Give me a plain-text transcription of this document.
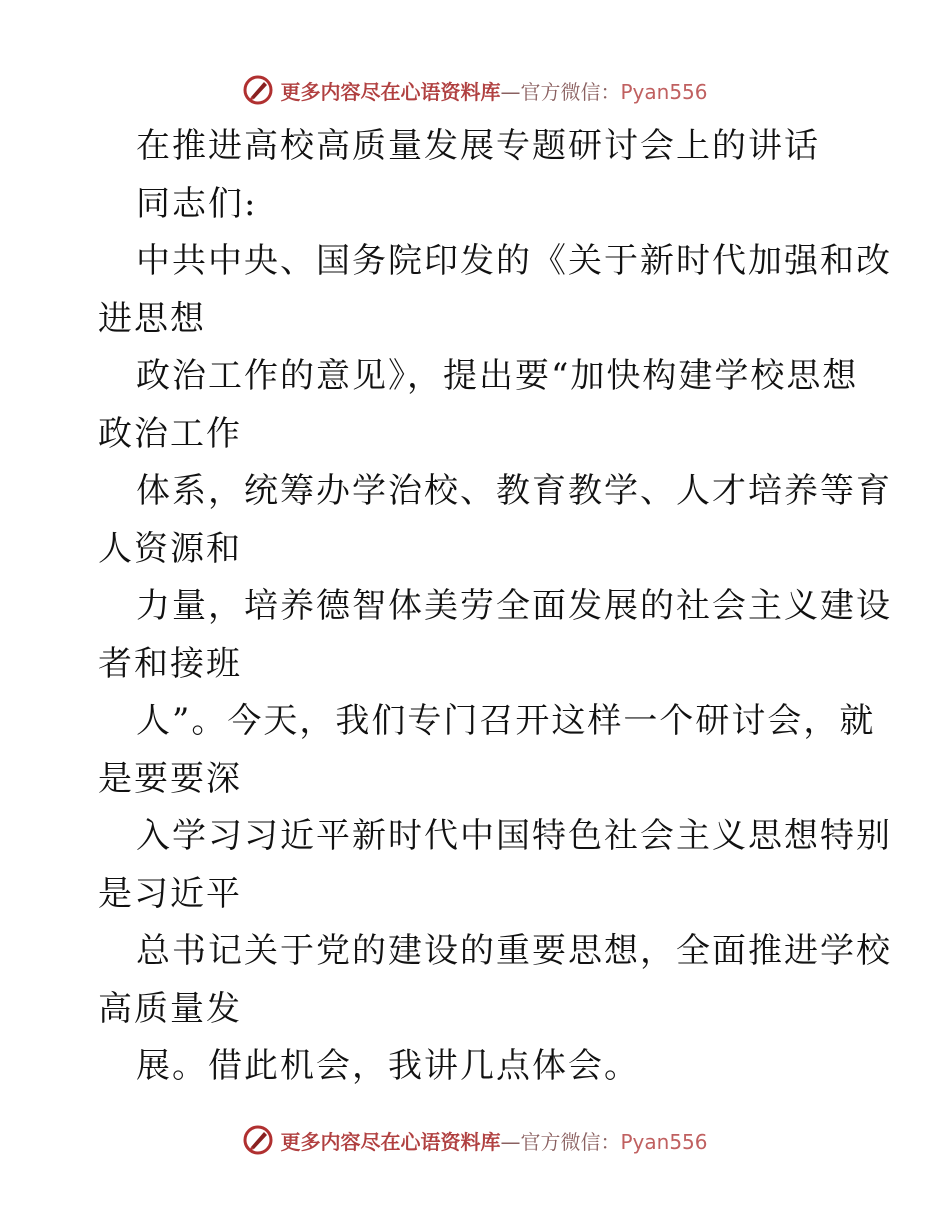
更多内容尽在心语资料库—官方微信：Pyan556
在推进高校高质量发展专题研讨会上的讲话
同志们:
中共中央、国务院印发的《关于新时代加强和改
进思想
政治工作的意见》，提出要“加快构建学校思想
政治工作
体系，统筹办学治校、教育教学、人才培养等育
人资源和
力量，培养德智体美劳全面发展的社会主义建设
者和接班
人”。今天，我们专门召开这样一个研讨会，就
是要要深
入学习习近平新时代中国特色社会主义思想特别
是习近平
总书记关于党的建设的重要思想，全面推进学校
高质量发
展。借此机会，我讲几点体会。
更多内容尽在心语资料库—官方微信：Pyan556
